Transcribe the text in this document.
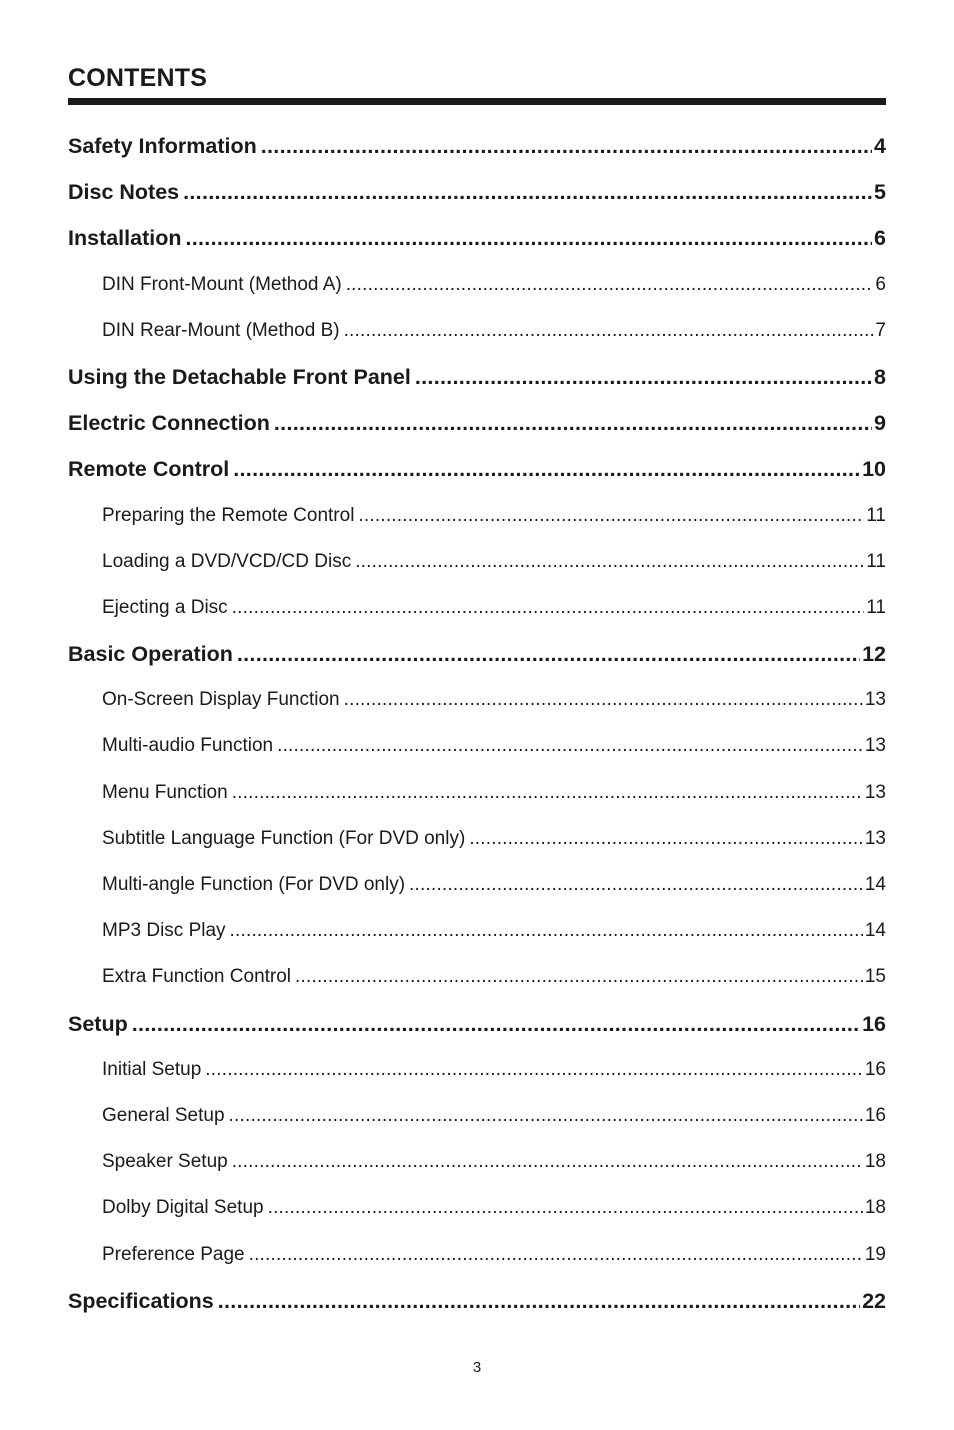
CONTENTS
Safety Information .....	4
Disc Notes .....	5
Installation .....	6
DIN Front-Mount (Method A) .....	6
DIN Rear-Mount (Method B) .....	7
Using the Detachable Front Panel .....	8
Electric Connection .....	9
Remote Control .....	10
Preparing the Remote Control .....	11
Loading a DVD/VCD/CD Disc .....	11
Ejecting a Disc .....	11
Basic Operation .....	12
On-Screen Display Function .....	13
Multi-audio Function .....	13
Menu Function .....	13
Subtitle Language Function (For DVD only) .....	13
Multi-angle Function (For DVD only) .....	14
MP3 Disc Play .....	14
Extra Function Control .....	15
Setup .....	16
Initial Setup .....	16
General Setup .....	16
Speaker Setup .....	18
Dolby Digital Setup .....	18
Preference Page .....	19
Specifications .....	22
3
